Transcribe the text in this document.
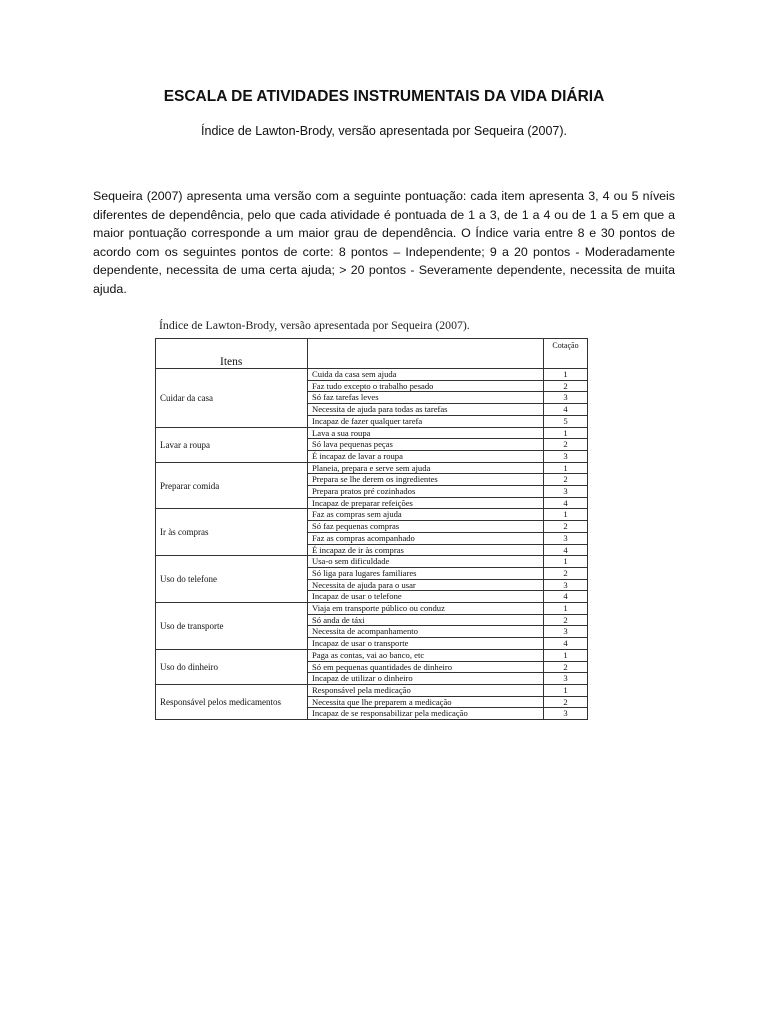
ESCALA DE ATIVIDADES INSTRUMENTAIS DA VIDA DIÁRIA

Índice de Lawton-Brody, versão apresentada por Sequeira (2007).

Sequeira (2007) apresenta uma versão com a seguinte pontuação: cada item apresenta 3, 4 ou 5 níveis diferentes de dependência, pelo que cada atividade é pontuada de 1 a 3, de 1 a 4 ou de 1 a 5 em que a maior pontuação corresponde a um maior grau de dependência. O Índice varia entre 8 e 30 pontos de acordo com os seguintes pontos de corte: 8 pontos – Independente; 9 a 20 pontos - Moderadamente dependente, necessita de uma certa ajuda; > 20 pontos - Severamente dependente, necessita de muita ajuda.

Índice de Lawton-Brody, versão apresentada por Sequeira (2007).

Itens		Cotação
Cuidar da casa	Cuida da casa sem ajuda	1
	Faz tudo excepto o trabalho pesado	2
	Só faz tarefas leves	3
	Necessita de ajuda para todas as tarefas	4
	Incapaz de fazer qualquer tarefa	5
Lavar a roupa	Lava a sua roupa	1
	Só lava pequenas peças	2
	É incapaz de lavar a roupa	3
Preparar comida	Planeia, prepara e serve sem ajuda	1
	Prepara se lhe derem os ingredientes	2
	Prepara pratos pré cozinhados	3
	Incapaz de preparar refeições	4
Ir às compras	Faz as compras sem ajuda	1
	Só faz pequenas compras	2
	Faz as compras acompanhado	3
	É incapaz de ir às compras	4
Uso do telefone	Usa-o sem dificuldade	1
	Só liga para lugares familiares	2
	Necessita de ajuda para o usar	3
	Incapaz de usar o telefone	4
Uso de transporte	Viaja em transporte público ou conduz	1
	Só anda de táxi	2
	Necessita de acompanhamento	3
	Incapaz de usar o transporte	4
Uso do dinheiro	Paga as contas, vai ao banco, etc	1
	Só em pequenas quantidades de dinheiro	2
	Incapaz de utilizar o dinheiro	3
Responsável pelos medicamentos	Responsável pela medicação	1
	Necessita que lhe preparem a medicação	2
	Incapaz de se responsabilizar pela medicação	3
